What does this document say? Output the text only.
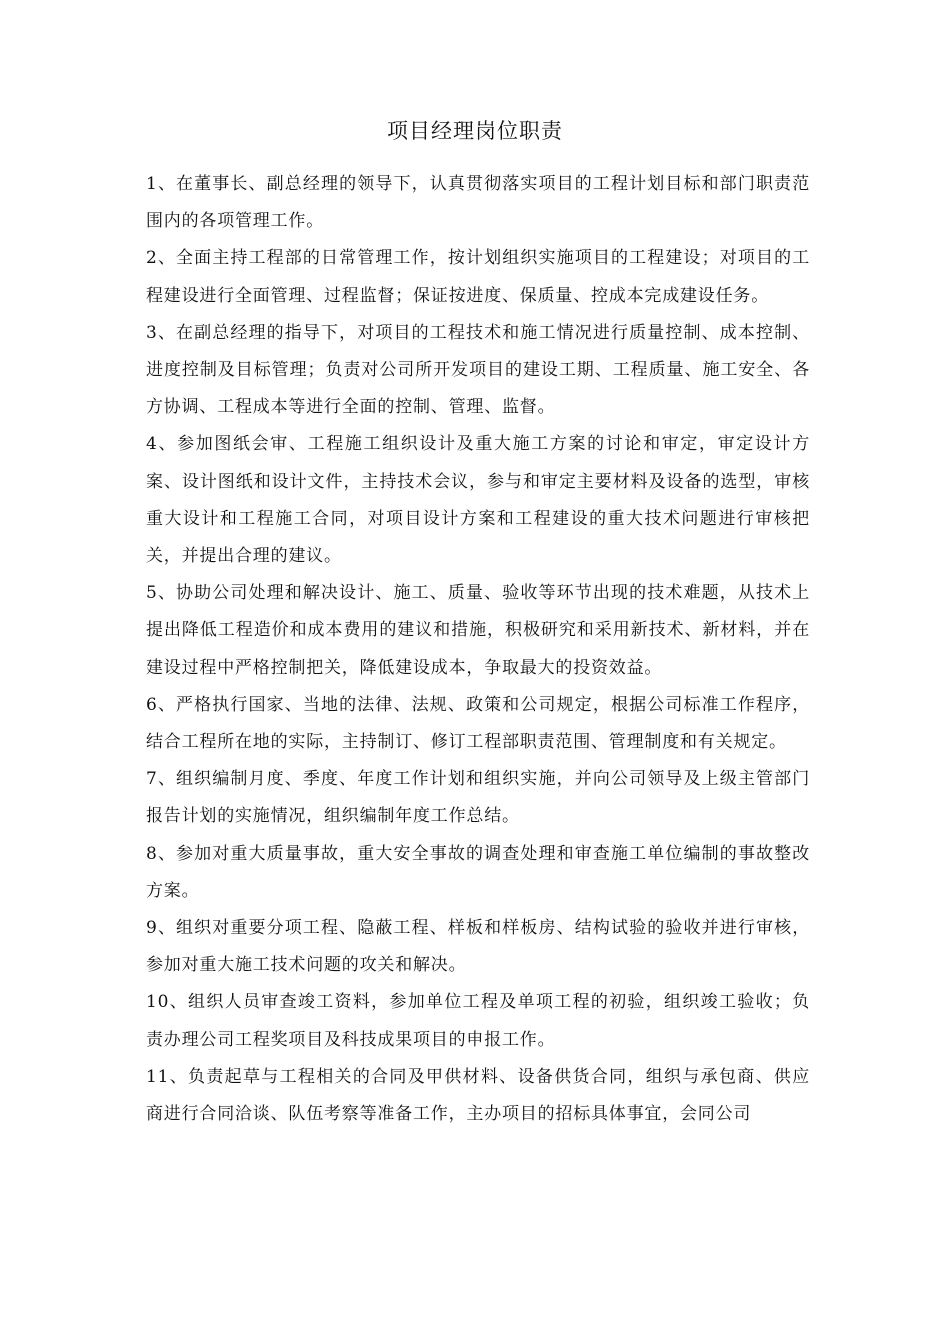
项目经理岗位职责

1、在董事长、副总经理的领导下，认真贯彻落实项目的工程计划目标和部门职责范围内的各项管理工作。

2、全面主持工程部的日常管理工作，按计划组织实施项目的工程建设；对项目的工程建设进行全面管理、过程监督；保证按进度、保质量、控成本完成建设任务。

3、在副总经理的指导下，对项目的工程技术和施工情况进行质量控制、成本控制、进度控制及目标管理；负责对公司所开发项目的建设工期、工程质量、施工安全、各方协调、工程成本等进行全面的控制、管理、监督。

4、参加图纸会审、工程施工组织设计及重大施工方案的讨论和审定，审定设计方案、设计图纸和设计文件，主持技术会议，参与和审定主要材料及设备的选型，审核重大设计和工程施工合同，对项目设计方案和工程建设的重大技术问题进行审核把关，并提出合理的建议。

5、协助公司处理和解决设计、施工、质量、验收等环节出现的技术难题，从技术上提出降低工程造价和成本费用的建议和措施，积极研究和采用新技术、新材料，并在建设过程中严格控制把关，降低建设成本，争取最大的投资效益。

6、严格执行国家、当地的法律、法规、政策和公司规定，根据公司标准工作程序，结合工程所在地的实际，主持制订、修订工程部职责范围、管理制度和有关规定。

7、组织编制月度、季度、年度工作计划和组织实施，并向公司领导及上级主管部门报告计划的实施情况，组织编制年度工作总结。

8、参加对重大质量事故，重大安全事故的调查处理和审查施工单位编制的事故整改方案。

9、组织对重要分项工程、隐蔽工程、样板和样板房、结构试验的验收并进行审核，参加对重大施工技术问题的攻关和解决。

10、组织人员审查竣工资料，参加单位工程及单项工程的初验，组织竣工验收；负责办理公司工程奖项目及科技成果项目的申报工作。

11、负责起草与工程相关的合同及甲供材料、设备供货合同，组织与承包商、供应商进行合同洽谈、队伍考察等准备工作，主办项目的招标具体事宜，会同公司
